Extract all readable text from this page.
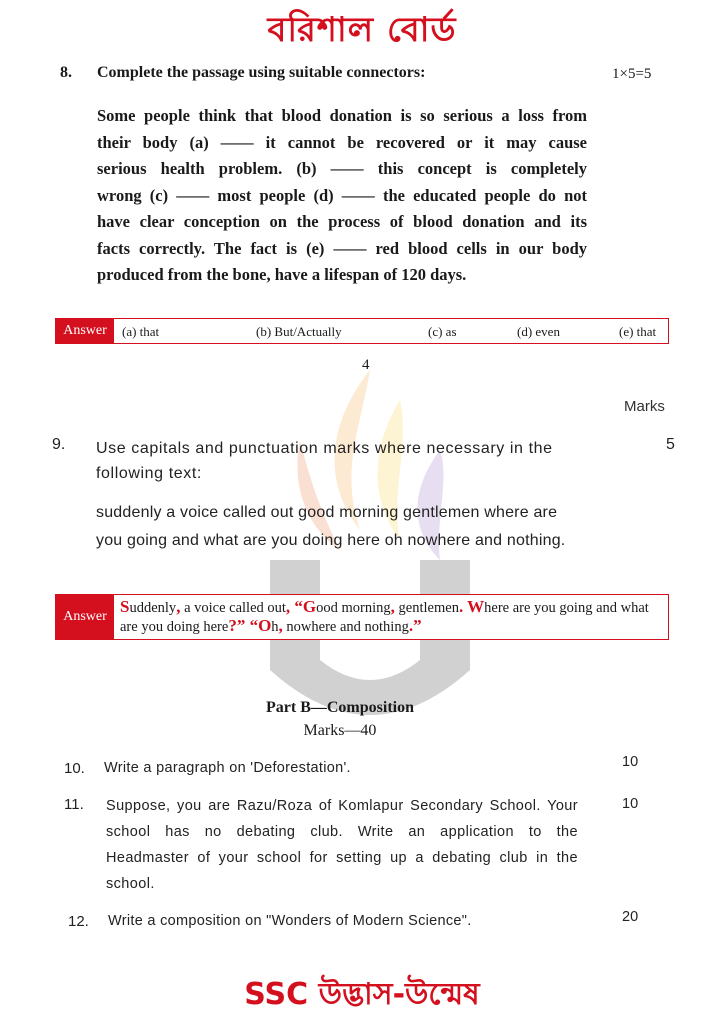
বরিশাল বোর্ড
8. Complete the passage using suitable connectors:	1×5=5
Some people think that blood donation is so serious a loss from
their body (a) —— it cannot be recovered or it may cause
serious health problem. (b) —— this concept is completely
wrong (c) —— most people (d) —— the educated people do not
have clear conception on the process of blood donation and its
facts correctly. The fact is (e) —— red blood cells in our body
produced from the bone, have a lifespan of 120 days.
Answer	(a) that	(b) But/Actually	(c) as	(d) even	(e) that
4
Marks
9. Use capitals and punctuation marks where necessary in the
following text:
5
suddenly a voice called out good morning gentlemen where are
you going and what are you doing here oh nowhere and nothing.
Answer
Suddenly, a voice called out, “Good morning, gentlemen. Where are you going and what are you doing here?” “Oh, nowhere and nothing.”
Part B—Composition
Marks—40
10. Write a paragraph on 'Deforestation'.	10
11. Suppose, you are Razu/Roza of Komlapur Secondary School. Your
school has no debating club. Write an application to the
Headmaster of your school for setting up a debating club in the
school.
10
12. Write a composition on "Wonders of Modern Science".	20
SSC উদ্ভাস-উন্মেষ
